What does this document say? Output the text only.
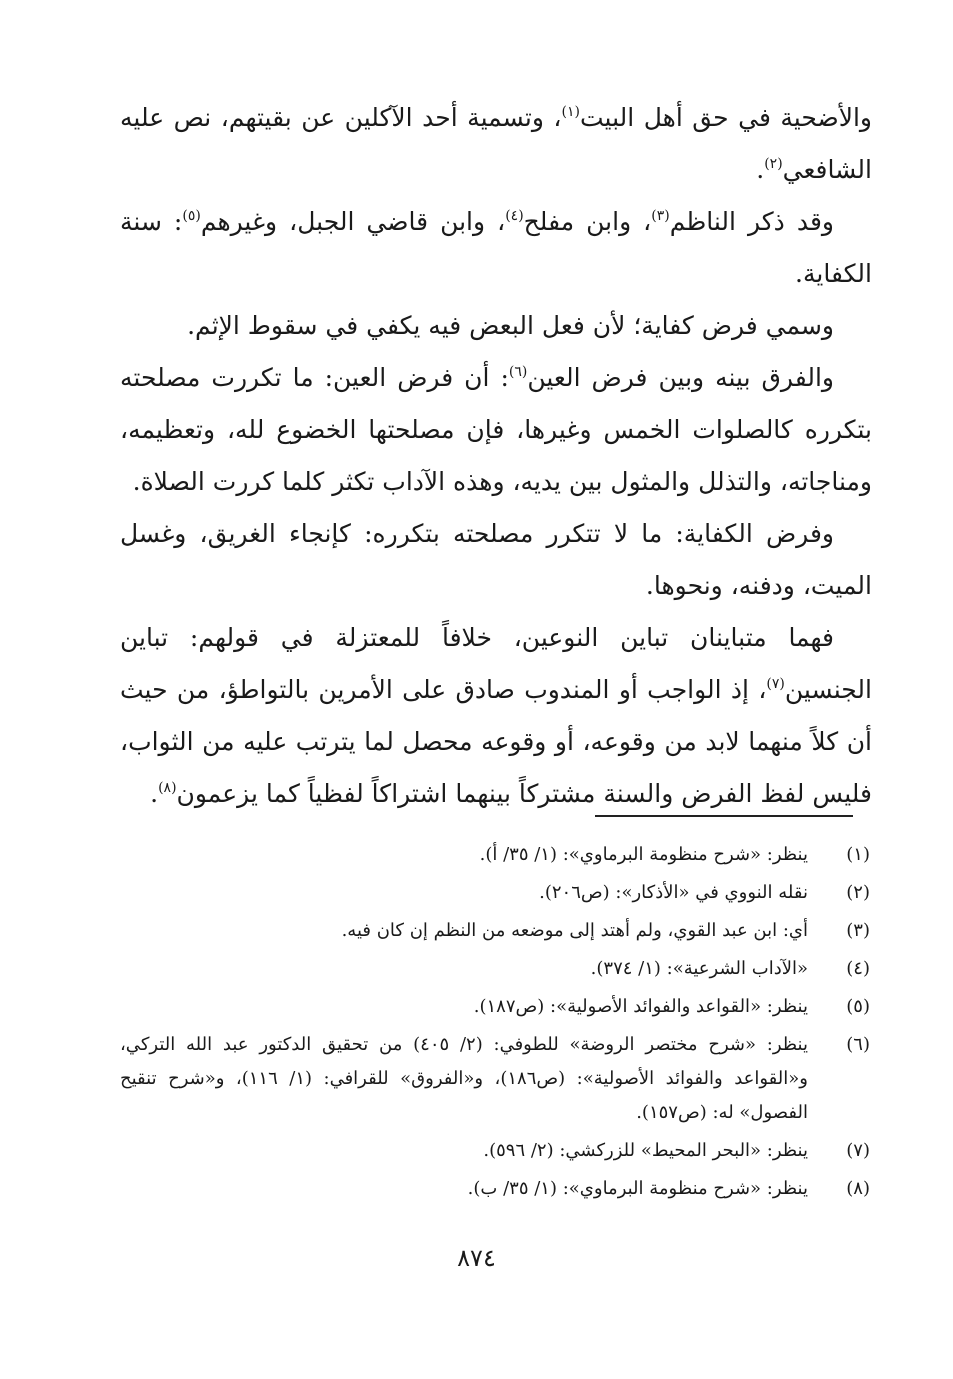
والأضحية في حق أهل البيت$^{(١)}$، وتسمية أحد الآكلين عن بقيتهم، نص عليه الشافعي$^{(٢)}$.

وقد ذكر الناظم$^{(٣)}$، وابن مفلح$^{(٤)}$، وابن قاضي الجبل، وغيرهم$^{(٥)}$: سنة الكفاية.

وسمي فرض كفاية؛ لأن فعل البعض فيه يكفي في سقوط الإثم.

والفرق بينه وبين فرض العين$^{(٦)}$: أن فرض العين: ما تكررت مصلحته بتكرره كالصلوات الخمس وغيرها، فإن مصلحتها الخضوع لله، وتعظيمه، ومناجاته، والتذلل والمثول بين يديه، وهذه الآداب تكثر كلما كررت الصلاة.

وفرض الكفاية: ما لا تتكرر مصلحته بتكرره: كإنجاء الغريق، وغسل الميت، ودفنه، ونحوها.

فهما متباينان تباين النوعين، خلافاً للمعتزلة في قولهم: تباين الجنسين$^{(٧)}$، إذ الواجب أو المندوب صادق على الأمرين بالتواطؤ، من حيث أن كلاً منهما لابد من وقوعه، أو وقوعه محصل لما يترتب عليه من الثواب، فليس لفظ الفرض والسنة مشتركاً بينهما اشتراكاً لفظياً كما يزعمون$^{(٨)}$.

(١)
ينظر: «شرح منظومة البرماوي»: (١/ ٣٥/ أ).
(٢)
نقله النووي في «الأذكار»: (ص٢٠٦).
(٣)
أي: ابن عبد القوي، ولم أهتد إلى موضعه من النظم إن كان فيه.
(٤)
«الآداب الشرعية»: (١/ ٣٧٤).
(٥)
ينظر: «القواعد والفوائد الأصولية»: (ص١٨٧).
(٦)
ينظر: «شرح مختصر الروضة» للطوفي: (٢/ ٤٠٥) من تحقيق الدكتور عبد الله التركي، و«القواعد والفوائد الأصولية»: (ص١٨٦)، و«الفروق» للقرافي: (١/ ١١٦)، و«شرح تنقيح الفصول» له: (ص١٥٧).
(٧)
ينظر: «البحر المحيط» للزركشي: (٢/ ٥٩٦).
(٨)
ينظر: «شرح منظومة البرماوي»: (١/ ٣٥/ ب).
٨٧٤
